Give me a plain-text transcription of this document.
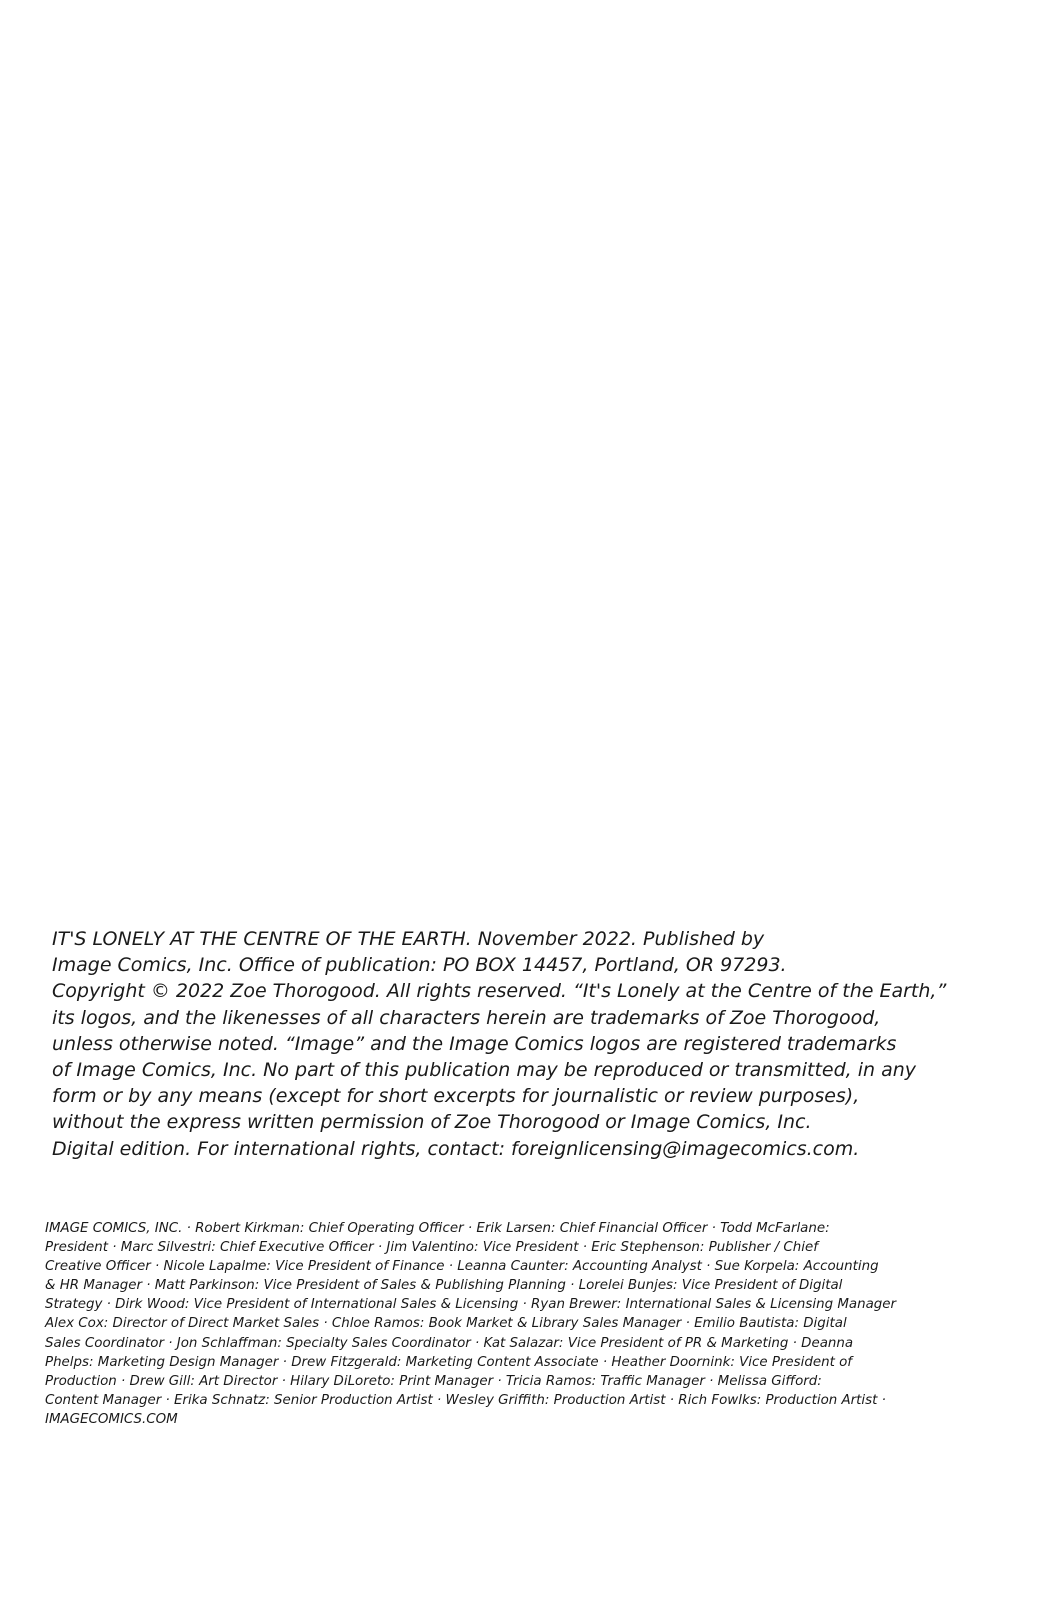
IT'S LONELY AT THE CENTRE OF THE EARTH. November 2022. Published by
Image Comics, Inc. Office of publication: PO BOX 14457, Portland, OR 97293.
Copyright © 2022 Zoe Thorogood. All rights reserved. “It's Lonely at the Centre of the Earth,”
its logos, and the likenesses of all characters herein are trademarks of Zoe Thorogood,
unless otherwise noted. “Image” and the Image Comics logos are registered trademarks
of Image Comics, Inc. No part of this publication may be reproduced or transmitted, in any
form or by any means (except for short excerpts for journalistic or review purposes),
without the express written permission of Zoe Thorogood or Image Comics, Inc.
Digital edition. For international rights, contact: foreignlicensing@imagecomics.com.
IMAGE COMICS, INC. · Robert Kirkman: Chief Operating Officer · Erik Larsen: Chief Financial Officer · Todd McFarlane:
President · Marc Silvestri: Chief Executive Officer · Jim Valentino: Vice President · Eric Stephenson: Publisher / Chief
Creative Officer · Nicole Lapalme: Vice President of Finance · Leanna Caunter: Accounting Analyst · Sue Korpela: Accounting
& HR Manager · Matt Parkinson: Vice President of Sales & Publishing Planning · Lorelei Bunjes: Vice President of Digital
Strategy · Dirk Wood: Vice President of International Sales & Licensing · Ryan Brewer: International Sales & Licensing Manager
Alex Cox: Director of Direct Market Sales · Chloe Ramos: Book Market & Library Sales Manager · Emilio Bautista: Digital
Sales Coordinator · Jon Schlaffman: Specialty Sales Coordinator · Kat Salazar: Vice President of PR & Marketing · Deanna
Phelps: Marketing Design Manager · Drew Fitzgerald: Marketing Content Associate · Heather Doornink: Vice President of
Production · Drew Gill: Art Director · Hilary DiLoreto: Print Manager · Tricia Ramos: Traffic Manager · Melissa Gifford:
Content Manager · Erika Schnatz: Senior Production Artist · Wesley Griffith: Production Artist · Rich Fowlks: Production Artist ·
IMAGECOMICS.COM
